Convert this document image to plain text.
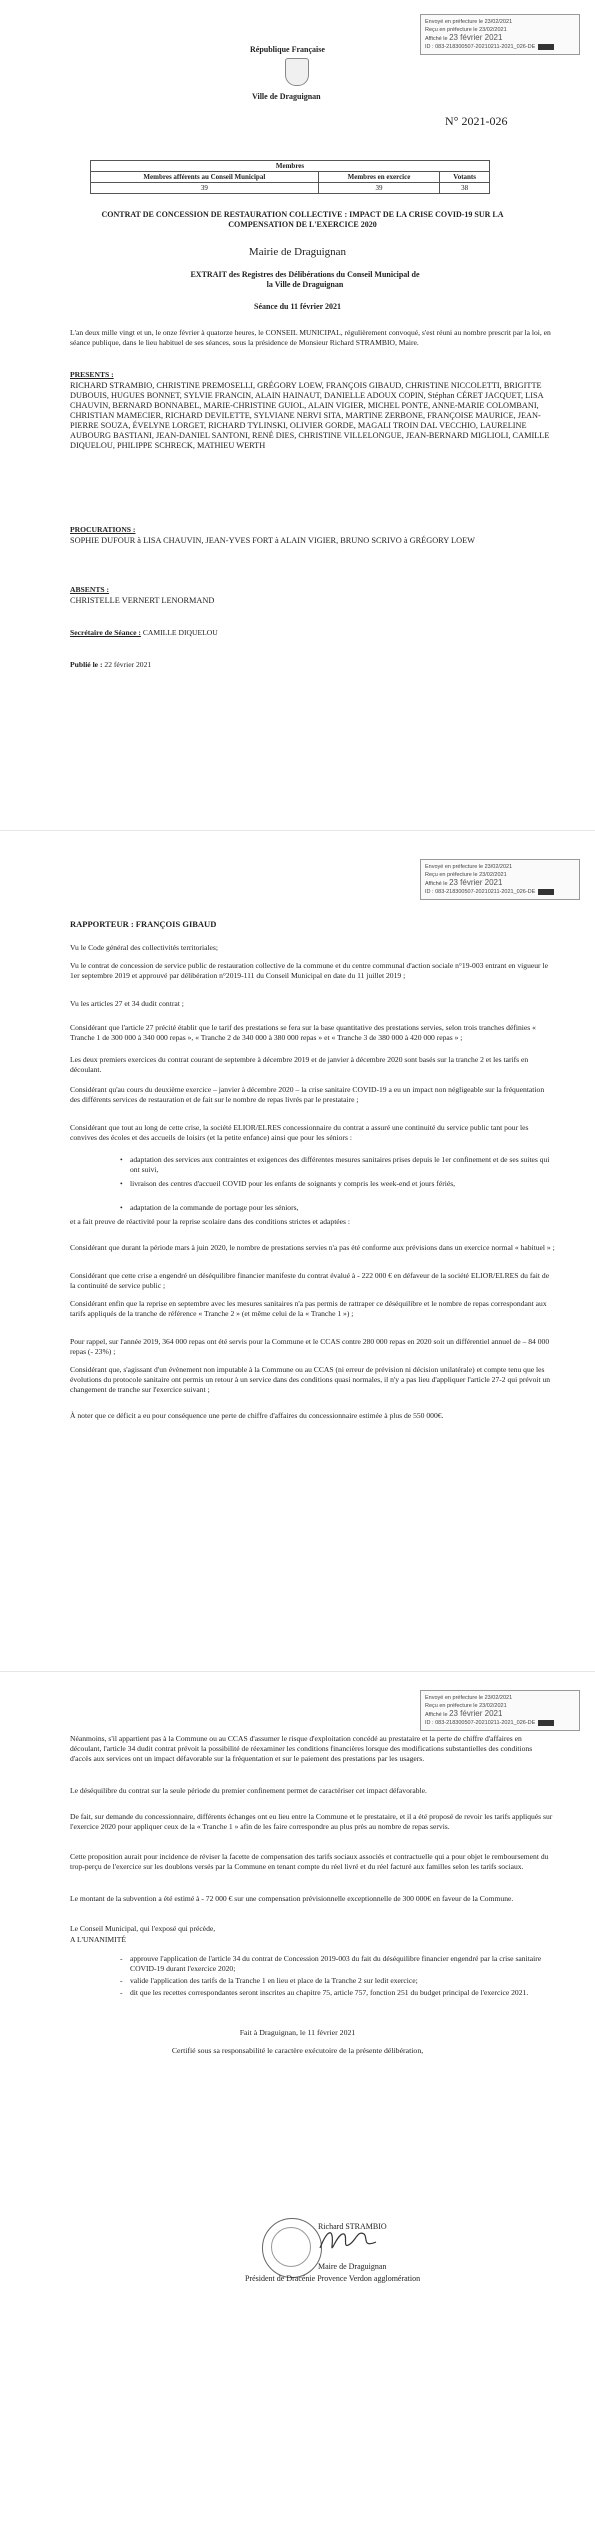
Envoyé en préfecture le 23/02/2021
Reçu en préfecture le 23/02/2021
Affiché le 23 février 2021
ID : 083-218300507-20210211-2021_026-DE
République Française
Ville de Draguignan
N° 2021-026
Membres		
Membres afférents au Conseil Municipal	Membres en exercice	Votants
39	39	38
CONTRAT DE CONCESSION DE RESTAURATION COLLECTIVE : IMPACT DE LA CRISE COVID-19 SUR LA COMPENSATION DE L'EXERCICE 2020
Mairie de Draguignan
EXTRAIT des Registres des Délibérations du Conseil Municipal de la Ville de Draguignan
Séance du 11 février 2021

L'an deux mille vingt et un, le onze février à quatorze heures, le CONSEIL MUNICIPAL, régulièrement convoqué, s'est réuni au nombre prescrit par la loi, en séance publique, dans le lieu habituel de ses séances, sous la présidence de Monsieur Richard STRAMBIO, Maire.

PRESENTS :

RICHARD STRAMBIO, CHRISTINE PREMOSELLI, GRÉGORY LOEW, FRANÇOIS GIBAUD, CHRISTINE NICCOLETTI, BRIGITTE DUBOUIS, HUGUES BONNET, SYLVIE FRANCIN, ALAIN HAINAUT, DANIELLE ADOUX COPIN, Stéphan CÉRET JACQUET, LISA CHAUVIN, BERNARD BONNABEL, MARIE-CHRISTINE GUIOL, ALAIN VIGIER, MICHEL PONTE, ANNE-MARIE COLOMBANI, CHRISTIAN MAMECIER, RICHARD DEVILETTE, SYLVIANE NERVI SITA, MARTINE ZERBONE, FRANÇOISE MAURICE, JEAN-PIERRE SOUZA, ÉVELYNE LORGET, RICHARD TYLINSKI, OLIVIER GORDE, MAGALI TROIN DAL VECCHIO, LAURELINE AUBOURG BASTIANI, JEAN-DANIEL SANTONI, RENÉ DIES, CHRISTINE VILLELONGUE, JEAN-BERNARD MIGLIOLI, CAMILLE DIQUELOU, PHILIPPE SCHRECK, MATHIEU WERTH

PROCURATIONS :

SOPHIE DUFOUR à LISA CHAUVIN, JEAN-YVES FORT à ALAIN VIGIER, BRUNO SCRIVO à GRÉGORY LOEW

ABSENTS :

CHRISTELLE VERNERT LENORMAND

Secrétaire de Séance : CAMILLE DIQUELOU
Publié le : 22 février 2021
Envoyé en préfecture le 23/02/2021
Reçu en préfecture le 23/02/2021
Affiché le 23 février 2021
ID : 083-218300507-20210211-2021_026-DE
RAPPORTEUR : FRANÇOIS GIBAUD

Vu le Code général des collectivités territoriales;

Vu le contrat de concession de service public de restauration collective de la commune et du centre communal d'action sociale n°19-003 entrant en vigueur le 1er septembre 2019 et approuvé par délibération n°2019-111 du Conseil Municipal en date du 11 juillet 2019 ;

Vu les articles 27 et 34 dudit contrat ;

Considérant que l'article 27 précité établit que le tarif des prestations se fera sur la base quantitative des prestations servies, selon trois tranches définies « Tranche 1 de 300 000 à 340 000 repas », « Tranche 2 de 340 000 à 380 000 repas » et « Tranche 3 de 380 000 à 420 000 repas » ;

Les deux premiers exercices du contrat courant de septembre à décembre 2019 et de janvier à décembre 2020 sont basés sur la tranche 2 et les tarifs en découlant.

Considérant qu'au cours du deuxième exercice – janvier à décembre 2020 – la crise sanitaire COVID-19 a eu un impact non négligeable sur la fréquentation des différents services de restauration et de fait sur le nombre de repas livrés par le prestataire ;

Considérant que tout au long de cette crise, la société ELIOR/ELRES concessionnaire du contrat a assuré une continuité du service public tant pour les convives des écoles et des accueils de loisirs (et la petite enfance) ainsi que pour les séniors :

• adaptation des services aux contraintes et exigences des différentes mesures sanitaires prises depuis le 1er confinement et de ses suites qui ont suivi,
• livraison des centres d'accueil COVID pour les enfants de soignants y compris les week-end et jours fériés,
• adaptation de la commande de portage pour les séniors,

et a fait preuve de réactivité pour la reprise scolaire dans des conditions strictes et adaptées :

Considérant que durant la période mars à juin 2020, le nombre de prestations servies n'a pas été conforme aux prévisions dans un exercice normal « habituel » ;

Considérant que cette crise a engendré un déséquilibre financier manifeste du contrat évalué à - 222 000 € en défaveur de la société ELIOR/ELRES du fait de la continuité de service public ;

Considérant enfin que la reprise en septembre avec les mesures sanitaires n'a pas permis de rattraper ce déséquilibre et le nombre de repas correspondant aux tarifs appliqués de la tranche de référence « Tranche 2 » (et même celui de la « Tranche 1 ») ;

Pour rappel, sur l'année 2019, 364 000 repas ont été servis pour la Commune et le CCAS contre 280 000 repas en 2020 soit un différentiel annuel de – 84 000 repas (- 23%) ;

Considérant que, s'agissant d'un évènement non imputable à la Commune ou au CCAS (ni erreur de prévision ni décision unilatérale) et compte tenu que les évolutions du protocole sanitaire ont permis un retour à un service dans des conditions quasi normales, il n'y a pas lieu d'appliquer l'article 27-2 qui prévoit un changement de tranche sur l'exercice suivant ;

À noter que ce déficit a eu pour conséquence une perte de chiffre d'affaires du concessionnaire estimée à plus de 550 000€.

Envoyé en préfecture le 23/02/2021
Reçu en préfecture le 23/02/2021
Affiché le 23 février 2021
ID : 083-218300507-20210211-2021_026-DE

Néanmoins, s'il appartient pas à la Commune ou au CCAS d'assumer le risque d'exploitation concédé au prestataire et la perte de chiffre d'affaires en découlant, l'article 34 dudit contrat prévoit la possibilité de réexaminer les conditions financières lorsque des modifications substantielles des conditions d'accès aux services ont un impact défavorable sur la fréquentation et sur le paiement des prestations par les usagers.

Le déséquilibre du contrat sur la seule période du premier confinement permet de caractériser cet impact défavorable.

De fait, sur demande du concessionnaire, différents échanges ont eu lieu entre la Commune et le prestataire, et il a été proposé de revoir les tarifs appliqués sur l'exercice 2020 pour appliquer ceux de la « Tranche 1 » afin de les faire correspondre au plus près au nombre de repas servis.

Cette proposition aurait pour incidence de réviser la facette de compensation des tarifs sociaux associés et contractuelle qui a pour objet le remboursement du trop-perçu de l'exercice sur les doublons versés par la Commune en tenant compte du réel livré et du réel facturé aux familles selon les tarifs sociaux.

Le montant de la subvention a été estimé à - 72 000 € sur une compensation prévisionnelle exceptionnelle de 300 000€ en faveur de la Commune.

Le Conseil Municipal, qui l'exposé qui précède,

A L'UNANIMITÉ

- approuve l'application de l'article 34 du contrat de Concession 2019-003 du fait du déséquilibre financier engendré par la crise sanitaire COVID-19 durant l'exercice 2020;
- valide l'application des tarifs de la Tranche 1 en lieu et place de la Tranche 2 sur ledit exercice;
- dit que les recettes correspondantes seront inscrites au chapitre 75, article 757, fonction 251 du budget principal de l'exercice 2021.
Fait à Draguignan, le 11 février 2021
Certifié sous sa responsabilité le caractère exécutoire de la présente délibération,
Richard STRAMBIO
Maire de Draguignan
Président de Dracénie Provence Verdon agglomération
